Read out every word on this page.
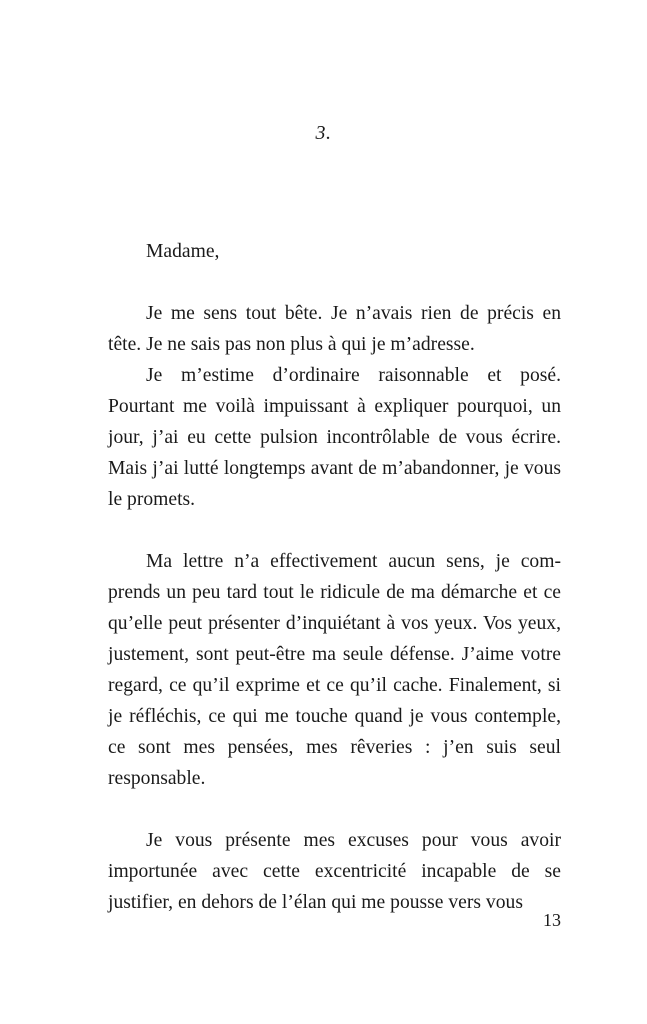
3.

Madame,

Je me sens tout bête. Je n’avais rien de précis en tête. Je ne sais pas non plus à qui je m’adresse.

Je m’estime d’ordinaire raisonnable et posé. Pourtant me voilà impuissant à expliquer pourquoi, un jour, j’ai eu cette pulsion incontrôlable de vous écrire. Mais j’ai lutté longtemps avant de m’abandonner, je vous le promets.

Ma lettre n’a effectivement aucun sens, je comprends un peu tard tout le ridicule de ma démarche et ce qu’elle peut présenter d’inquiétant à vos yeux. Vos yeux, justement, sont peut-être ma seule défense. J’aime votre regard, ce qu’il exprime et ce qu’il cache. Finalement, si je réfléchis, ce qui me touche quand je vous contemple, ce sont mes pensées, mes rêveries : j’en suis seul responsable.

Je vous présente mes excuses pour vous avoir importunée avec cette excentricité incapable de se justifier, en dehors de l’élan qui me pousse vers vous

13
